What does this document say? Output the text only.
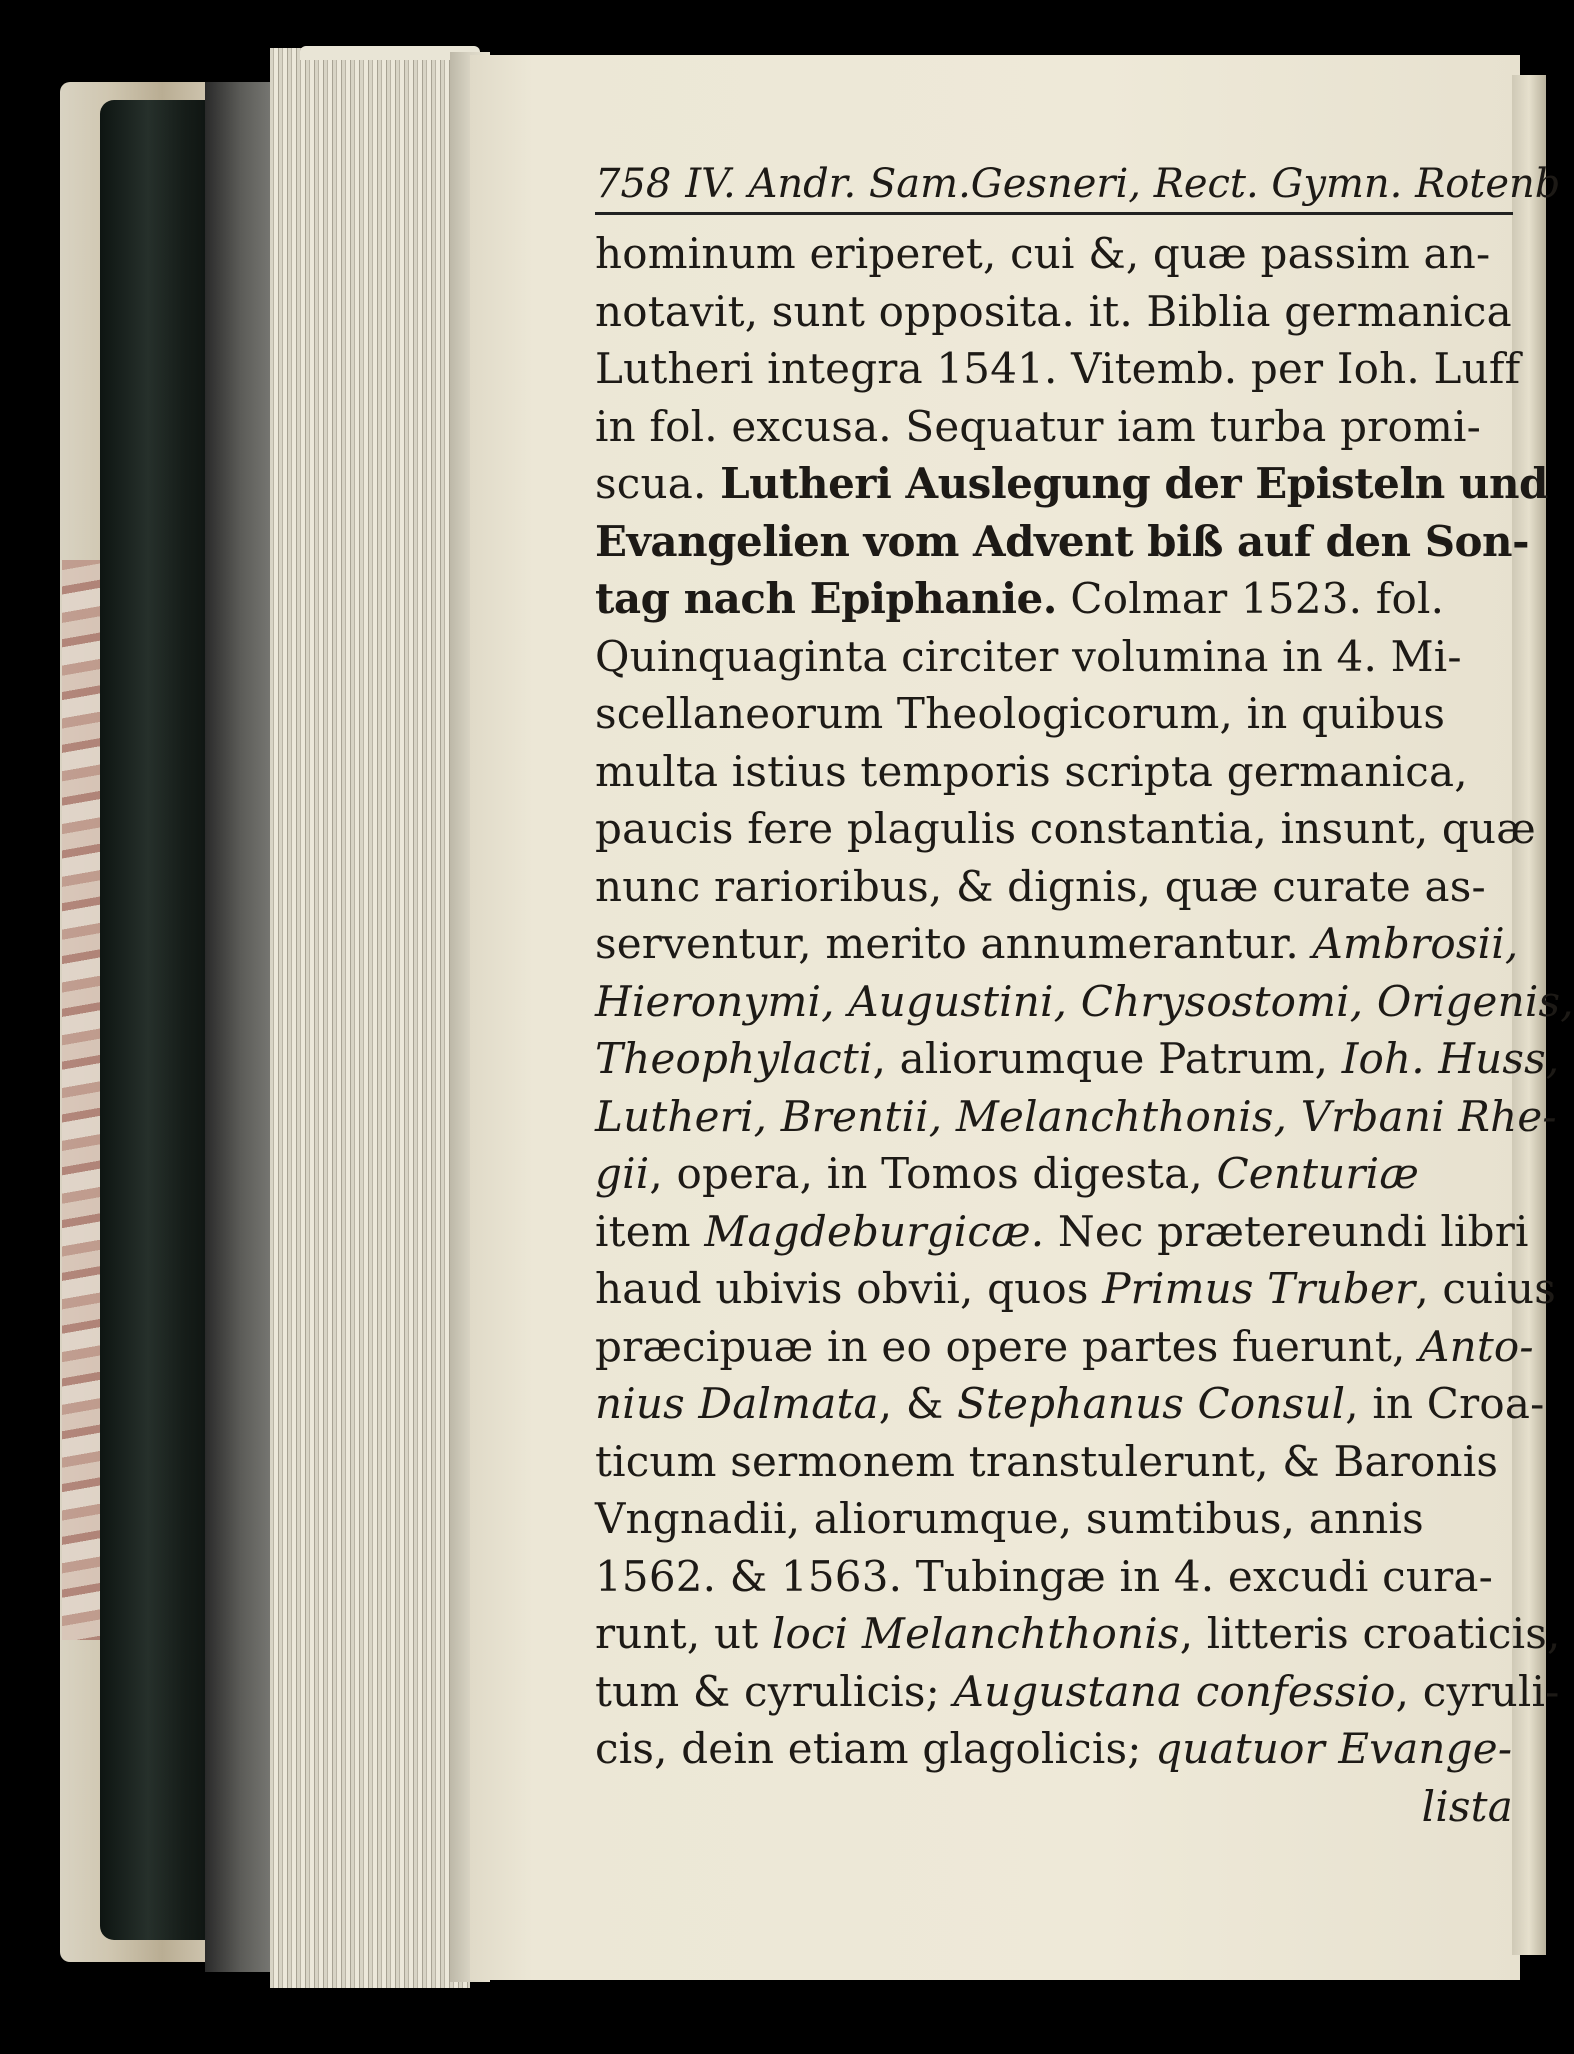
758 IV. Andr. Sam.Gesneri, Rect. Gymn. Rotenb
hominum eriperet, cui &, quæ passim an-
notavit, sunt opposita. it. Biblia germanica
Lutheri integra 1541. Vitemb. per Ioh. Luff
in fol. excusa. Sequatur iam turba promi-
scua. Lutheri Auslegung der Episteln und
Evangelien vom Advent biß auf den Son-
tag nach Epiphanie. Colmar 1523. fol.
Quinquaginta circiter volumina in 4. Mi-
scellaneorum Theologicorum, in quibus
multa istius temporis scripta germanica,
paucis fere plagulis constantia, insunt, quæ
nunc rarioribus, & dignis, quæ curate as-
serventur, merito annumerantur. Ambrosii,
Hieronymi, Augustini, Chrysostomi, Origenis,
Theophylacti, aliorumque Patrum, Ioh. Huss,
Lutheri, Brentii, Melanchthonis, Vrbani Rhe-
gii, opera, in Tomos digesta, Centuriæ
item Magdeburgicæ. Nec prætereundi libri
haud ubivis obvii, quos Primus Truber, cuius
præcipuæ in eo opere partes fuerunt, Anto-
nius Dalmata, & Stephanus Consul, in Croa-
ticum sermonem transtulerunt, & Baronis
Vngnadii, aliorumque, sumtibus, annis
1562. & 1563. Tubingæ in 4. excudi cura-
runt, ut loci Melanchthonis, litteris croaticis,
tum & cyrulicis; Augustana confessio, cyruli-
cis, dein etiam glagolicis; quatuor Evange-
lista
